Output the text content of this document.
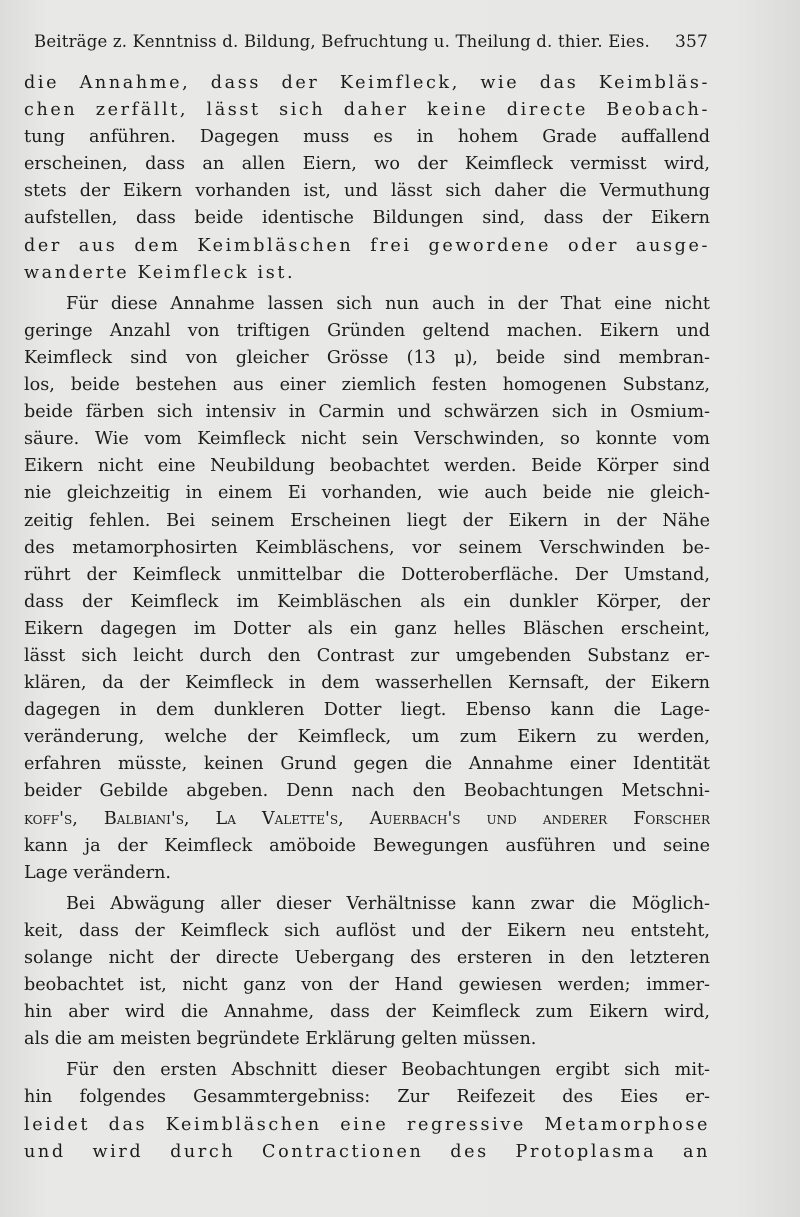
Beiträge z. Kenntniss d. Bildung, Befruchtung u. Theilung d. thier. Eies. 357
die Annahme, dass der Keimfleck, wie das Keimbläs-
chen zerfällt, lässt sich daher keine directe Beobach-
tung anführen. Dagegen muss es in hohem Grade auffallend
erscheinen, dass an allen Eiern, wo der Keimfleck vermisst wird,
stets der Eikern vorhanden ist, und lässt sich daher die Vermuthung
aufstellen, dass beide identische Bildungen sind, dass der Eikern
der aus dem Keimbläschen frei gewordene oder ausge-
wanderte Keimfleck ist.
Für diese Annahme lassen sich nun auch in der That eine nicht
geringe Anzahl von triftigen Gründen geltend machen. Eikern und
Keimfleck sind von gleicher Grösse (13 μ), beide sind membran-
los, beide bestehen aus einer ziemlich festen homogenen Substanz,
beide färben sich intensiv in Carmin und schwärzen sich in Osmium-
säure. Wie vom Keimfleck nicht sein Verschwinden, so konnte vom
Eikern nicht eine Neubildung beobachtet werden. Beide Körper sind
nie gleichzeitig in einem Ei vorhanden, wie auch beide nie gleich-
zeitig fehlen. Bei seinem Erscheinen liegt der Eikern in der Nähe
des metamorphosirten Keimbläschens, vor seinem Verschwinden be-
rührt der Keimfleck unmittelbar die Dotteroberfläche. Der Umstand,
dass der Keimfleck im Keimbläschen als ein dunkler Körper, der
Eikern dagegen im Dotter als ein ganz helles Bläschen erscheint,
lässt sich leicht durch den Contrast zur umgebenden Substanz er-
klären, da der Keimfleck in dem wasserhellen Kernsaft, der Eikern
dagegen in dem dunkleren Dotter liegt. Ebenso kann die Lage-
veränderung, welche der Keimfleck, um zum Eikern zu werden,
erfahren müsste, keinen Grund gegen die Annahme einer Identität
beider Gebilde abgeben. Denn nach den Beobachtungen Metschni-
koff's, Balbiani's, La Valette's, Auerbach's und anderer Forscher
kann ja der Keimfleck amöboide Bewegungen ausführen und seine
Lage verändern.
Bei Abwägung aller dieser Verhältnisse kann zwar die Möglich-
keit, dass der Keimfleck sich auflöst und der Eikern neu entsteht,
solange nicht der directe Uebergang des ersteren in den letzteren
beobachtet ist, nicht ganz von der Hand gewiesen werden; immer-
hin aber wird die Annahme, dass der Keimfleck zum Eikern wird,
als die am meisten begründete Erklärung gelten müssen.
Für den ersten Abschnitt dieser Beobachtungen ergibt sich mit-
hin folgendes Gesammtergebniss: Zur Reifezeit des Eies er-
leidet das Keimbläschen eine regressive Metamorphose
und wird durch Contractionen des Protoplasma an
